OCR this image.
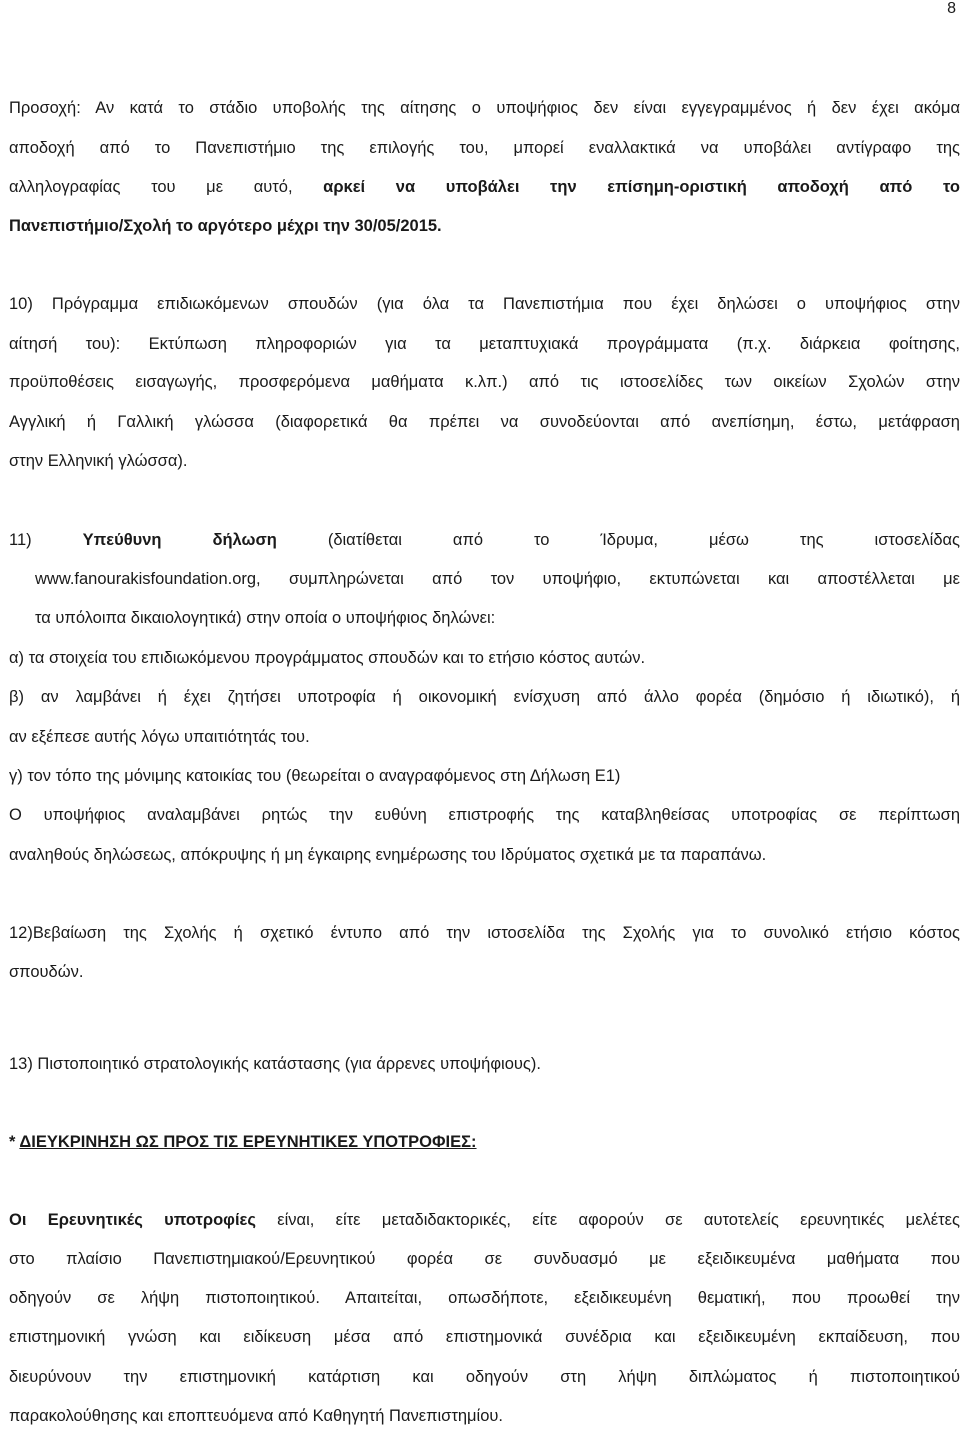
8
Προσοχή: Αν κατά το στάδιο υποβολής της αίτησης ο υποψήφιος δεν είναι εγγεγραμμένος ή δεν έχει ακόμα
αποδοχή από το Πανεπιστήμιο της επιλογής του, μπορεί εναλλακτικά να υποβάλει αντίγραφο της
αλληλογραφίας του με αυτό, αρκεί να υποβάλει την επίσημη-οριστική αποδοχή από το
Πανεπιστήμιο/Σχολή το αργότερο μέχρι την 30/05/2015.
10) Πρόγραμμα επιδιωκόμενων σπουδών (για όλα τα Πανεπιστήμια που έχει δηλώσει ο υποψήφιος στην
αίτησή του): Εκτύπωση πληροφοριών για τα μεταπτυχιακά προγράμματα (π.χ. διάρκεια φοίτησης,
προϋποθέσεις εισαγωγής, προσφερόμενα μαθήματα κ.λπ.) από τις ιστοσελίδες των οικείων Σχολών στην
Αγγλική ή Γαλλική γλώσσα (διαφορετικά θα πρέπει να συνοδεύονται από ανεπίσημη, έστω, μετάφραση
στην Ελληνική γλώσσα).
11) Υπεύθυνη δήλωση (διατίθεται από το Ίδρυμα, μέσω της ιστοσελίδας
www.fanourakisfoundation.org, συμπληρώνεται από τον υποψήφιο, εκτυπώνεται και αποστέλλεται με
τα υπόλοιπα δικαιολογητικά) στην οποία ο υποψήφιος δηλώνει:
α) τα στοιχεία του επιδιωκόμενου προγράμματος σπουδών και το ετήσιο κόστος αυτών.
β) αν λαμβάνει ή έχει ζητήσει υποτροφία ή οικονομική ενίσχυση από άλλο φορέα (δημόσιο ή ιδιωτικό), ή
αν εξέπεσε αυτής λόγω υπαιτιότητάς του.
γ) τον τόπο της μόνιμης κατοικίας του (θεωρείται ο αναγραφόμενος στη Δήλωση Ε1)
Ο υποψήφιος αναλαμβάνει ρητώς την ευθύνη επιστροφής της καταβληθείσας υποτροφίας σε περίπτωση
αναληθούς δηλώσεως, απόκρυψης ή μη έγκαιρης ενημέρωσης του Ιδρύματος σχετικά με τα παραπάνω.
12)Βεβαίωση της Σχολής ή σχετικό έντυπο από την ιστοσελίδα της Σχολής για το συνολικό ετήσιο κόστος
σπουδών.
13) Πιστοποιητικό στρατολογικής κατάστασης (για άρρενες υποψήφιους).
* ΔΙΕΥΚΡΙΝΗΣΗ ΩΣ ΠΡΟΣ ΤΙΣ ΕΡΕΥΝΗΤΙΚΕΣ ΥΠΟΤΡΟΦΙΕΣ:
Οι Ερευνητικές υποτροφίες είναι, είτε μεταδιδακτορικές, είτε αφορούν σε αυτοτελείς ερευνητικές μελέτες
στο πλαίσιο Πανεπιστημιακού/Ερευνητικού φορέα σε συνδυασμό με εξειδικευμένα μαθήματα που
οδηγούν σε λήψη πιστοποιητικού. Απαιτείται, οπωσδήποτε, εξειδικευμένη θεματική, που προωθεί την
επιστημονική γνώση και ειδίκευση μέσα από επιστημονικά συνέδρια και εξειδικευμένη εκπαίδευση, που
διευρύνουν την επιστημονική κατάρτιση και οδηγούν στη λήψη διπλώματος ή πιστοποιητικού
παρακολούθησης και εποπτευόμενα από Καθηγητή Πανεπιστημίου.
